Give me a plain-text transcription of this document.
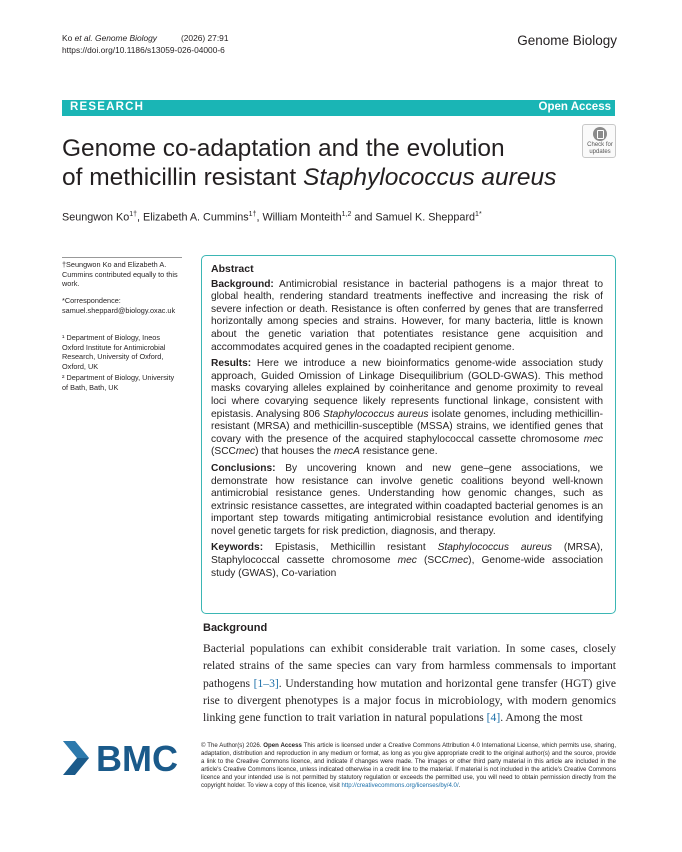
Ko et al. Genome Biology	(2026) 27:91
https://doi.org/10.1186/s13059-026-04000-6
Genome Biology
RESEARCH	Open Access
Genome co-adaptation and the evolution
of methicillin resistant Staphylococcus aureus
Check for
updates
Seungwon $Ko^{1\dagger}$, Elizabeth A. Cummins$^{1\dagger}$, William Monteith$^{1,2}$ and Samuel K. Sheppard$^{1*}$
†Seungwon Ko and Elizabeth A. Cummins contributed equally to this work.
*Correspondence: samuel.sheppard@biology.oxac.uk
¹ Department of Biology, Ineos Oxford Institute for Antimicrobial Research, University of Oxford, Oxford, UK
² Department of Biology, University of Bath, Bath, UK
Abstract

Background: Antimicrobial resistance in bacterial pathogens is a major threat to global health, rendering standard treatments ineffective and increasing the risk of severe infection or death. Resistance is often conferred by genes that are transferred horizontally among species and strains. However, for many bacteria, little is known about the genetic variation that potentiates resistance gene acquisition and accommodates acquired genes in the coadapted recipient genome.

Results: Here we introduce a new bioinformatics genome-wide association study approach, Guided Omission of Linkage Disequilibrium (GOLD-GWAS). This method masks covarying alleles explained by coinheritance and genome proximity to reveal loci where covarying sequence likely represents functional linkage, consistent with epistasis. Analysing 806 Staphylococcus aureus isolate genomes, including methicillin-resistant (MRSA) and methicillin-susceptible (MSSA) strains, we identified genes that covary with the presence of the acquired staphylococcal cassette chromosome mec (SCCmec) that houses the mecA resistance gene.

Conclusions: By uncovering known and new gene–gene associations, we demonstrate how resistance can involve genetic coalitions beyond well-known antimicrobial resistance genes. Understanding how genomic changes, such as extrinsic resistance cassettes, are integrated within coadapted bacterial genomes is an important step towards mitigating antimicrobial resistance evolution and identifying novel genetic targets for risk prediction, diagnosis, and therapy.

Keywords: Epistasis, Methicillin resistant Staphylococcus aureus (MRSA), Staphylococcal cassette chromosome mec (SCCmec), Genome-wide association study (GWAS), Co-variation

Background

Bacterial populations can exhibit considerable trait variation. In some cases, closely related strains of the same species can vary from harmless commensals to important pathogens [1–3]. Understanding how mutation and horizontal gene transfer (HGT) give rise to divergent phenotypes is a major focus in microbiology, with modern genomics linking gene function to trait variation in natural populations [4]. Among the most

BMC	© The Author(s) 2026. Open Access This article is licensed under a Creative Commons Attribution 4.0 International License, which permits use, sharing, adaptation, distribution and reproduction in any medium or format, as long as you give appropriate credit to the original author(s) and the source, provide a link to the Creative Commons licence, and indicate if changes were made. The images or other third party material in this article are included in the article's Creative Commons licence, unless indicated otherwise in a credit line to the material. If material is not included in the article's Creative Commons licence and your intended use is not permitted by statutory regulation or exceeds the permitted use, you will need to obtain permission directly from the copyright holder. To view a copy of this licence, visit http://creativecommons.org/licenses/by/4.0/.
